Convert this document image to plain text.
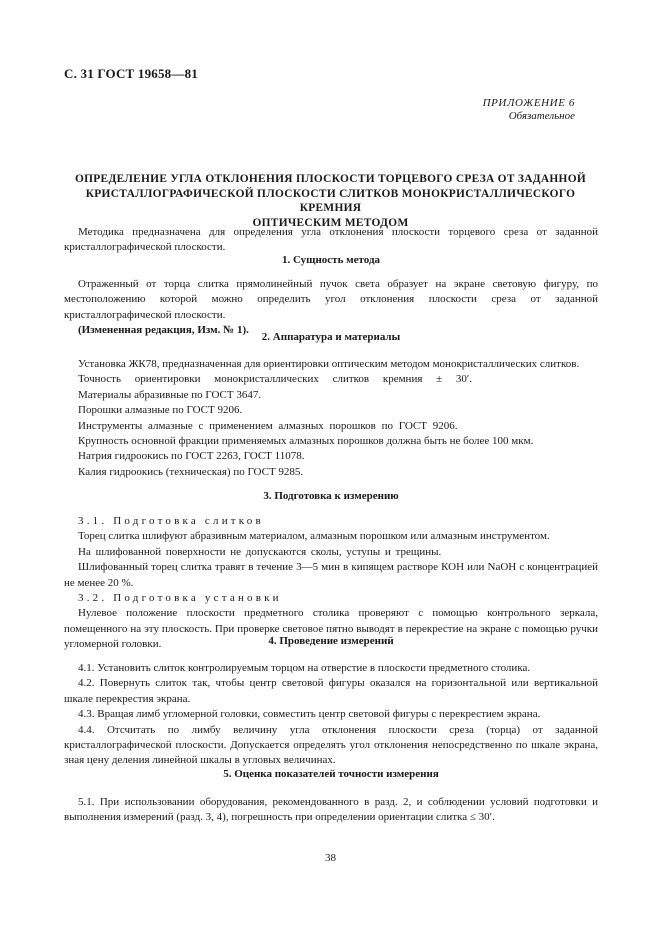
С. 31 ГОСТ 19658—81
ПРИЛОЖЕНИЕ 6
Обязательное
ОПРЕДЕЛЕНИЕ УГЛА ОТКЛОНЕНИЯ ПЛОСКОСТИ ТОРЦЕВОГО СРЕЗА ОТ ЗАДАННОЙ
КРИСТАЛЛОГРАФИЧЕСКОЙ ПЛОСКОСТИ СЛИТКОВ МОНОКРИСТАЛЛИЧЕСКОГО КРЕМНИЯ
ОПТИЧЕСКИМ МЕТОДОМ

Методика предназначена для определения угла отклонения плоскости торцевого среза от заданной кристаллографической плоскости.

1. Сущность метода

Отраженный от торца слитка прямолинейный пучок света образует на экране световую фигуру, по местоположению которой можно определить угол отклонения плоскости среза от заданной кристаллографической плоскости.

(Измененная редакция, Изм. № 1).

2. Аппаратура и материалы

Установка ЖК78, предназначенная для ориентировки оптическим методом монокристаллических слитков.

Точность ориентировки монокристаллических слитков кремния ± 30′.

Материалы абразивные по ГОСТ 3647.

Порошки алмазные по ГОСТ 9206.

Инструменты алмазные с применением алмазных порошков по ГОСТ 9206.

Крупность основной фракции применяемых алмазных порошков должна быть не более 100 мкм.

Натрия гидроокись по ГОСТ 2263, ГОСТ 11078.

Калия гидроокись (техническая) по ГОСТ 9285.

3. Подготовка к измерению

3.1. Подготовка слитков

Торец слитка шлифуют абразивным материалом, алмазным порошком или алмазным инструментом.

На шлифованной поверхности не допускаются сколы, уступы и трещины.

Шлифованный торец слитка травят в течение 3—5 мин в кипящем растворе КОН или NaOH с концентрацией не менее 20 %.

3.2. Подготовка установки

Нулевое положение плоскости предметного столика проверяют с помощью контрольного зеркала, помещенного на эту плоскость. При проверке световое пятно выводят в перекрестие на экране с помощью ручки угломерной головки.	4. Проведение измерений

4.1. Установить слиток контролируемым торцом на отверстие в плоскости предметного столика.

4.2. Повернуть слиток так, чтобы центр световой фигуры оказался на горизонтальной или вертикальной шкале перекрестия экрана.

4.3. Вращая лимб угломерной головки, совместить центр световой фигуры с перекрестием экрана.

4.4. Отсчитать по лимбу величину угла отклонения плоскости среза (торца) от заданной кристаллографической плоскости. Допускается определять угол отклонения непосредственно по шкале экрана, зная цену деления линейной шкалы в угловых величинах.

5. Оценка показателей точности измерения

5.1. При использовании оборудования, рекомендованного в разд. 2, и соблюдении условий подготовки и выполнения измерений (разд. 3, 4), погрешность при определении ориентации слитка ≤ 30′.

38
